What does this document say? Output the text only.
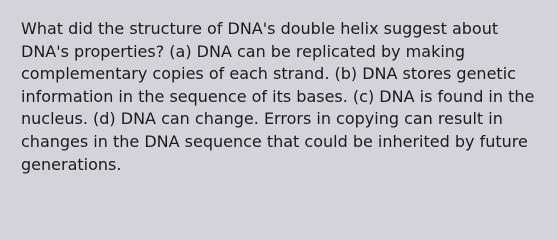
What did the structure of DNA's double helix suggest about

DNA's properties? (a) DNA can be replicated by making

complementary copies of each strand. (b) DNA stores genetic

information in the sequence of its bases. (c) DNA is found in the

nucleus. (d) DNA can change. Errors in copying can result in

changes in the DNA sequence that could be inherited by future

generations.
